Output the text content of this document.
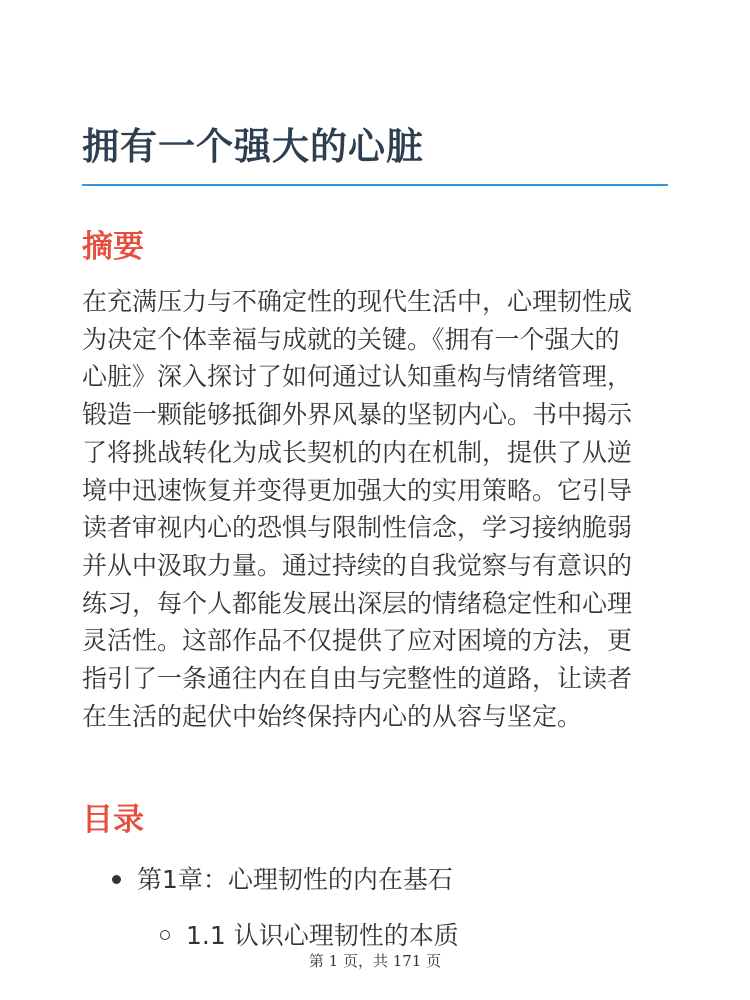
拥有一个强大的心脏
摘要

在充满压力与不确定性的现代生活中，心理韧性成
为决定个体幸福与成就的关键。《拥有一个强大的
心脏》深入探讨了如何通过认知重构与情绪管理，
锻造一颗能够抵御外界风暴的坚韧内心。书中揭示
了将挑战转化为成长契机的内在机制，提供了从逆
境中迅速恢复并变得更加强大的实用策略。它引导
读者审视内心的恐惧与限制性信念，学习接纳脆弱
并从中汲取力量。通过持续的自我觉察与有意识的
练习，每个人都能发展出深层的情绪稳定性和心理
灵活性。这部作品不仅提供了应对困境的方法，更
指引了一条通往内在自由与完整性的道路，让读者
在生活的起伏中始终保持内心的从容与坚定。

目录
第1章：心理韧性的内在基石
1.1 认识心理韧性的本质
第 1 页，共 171 页
